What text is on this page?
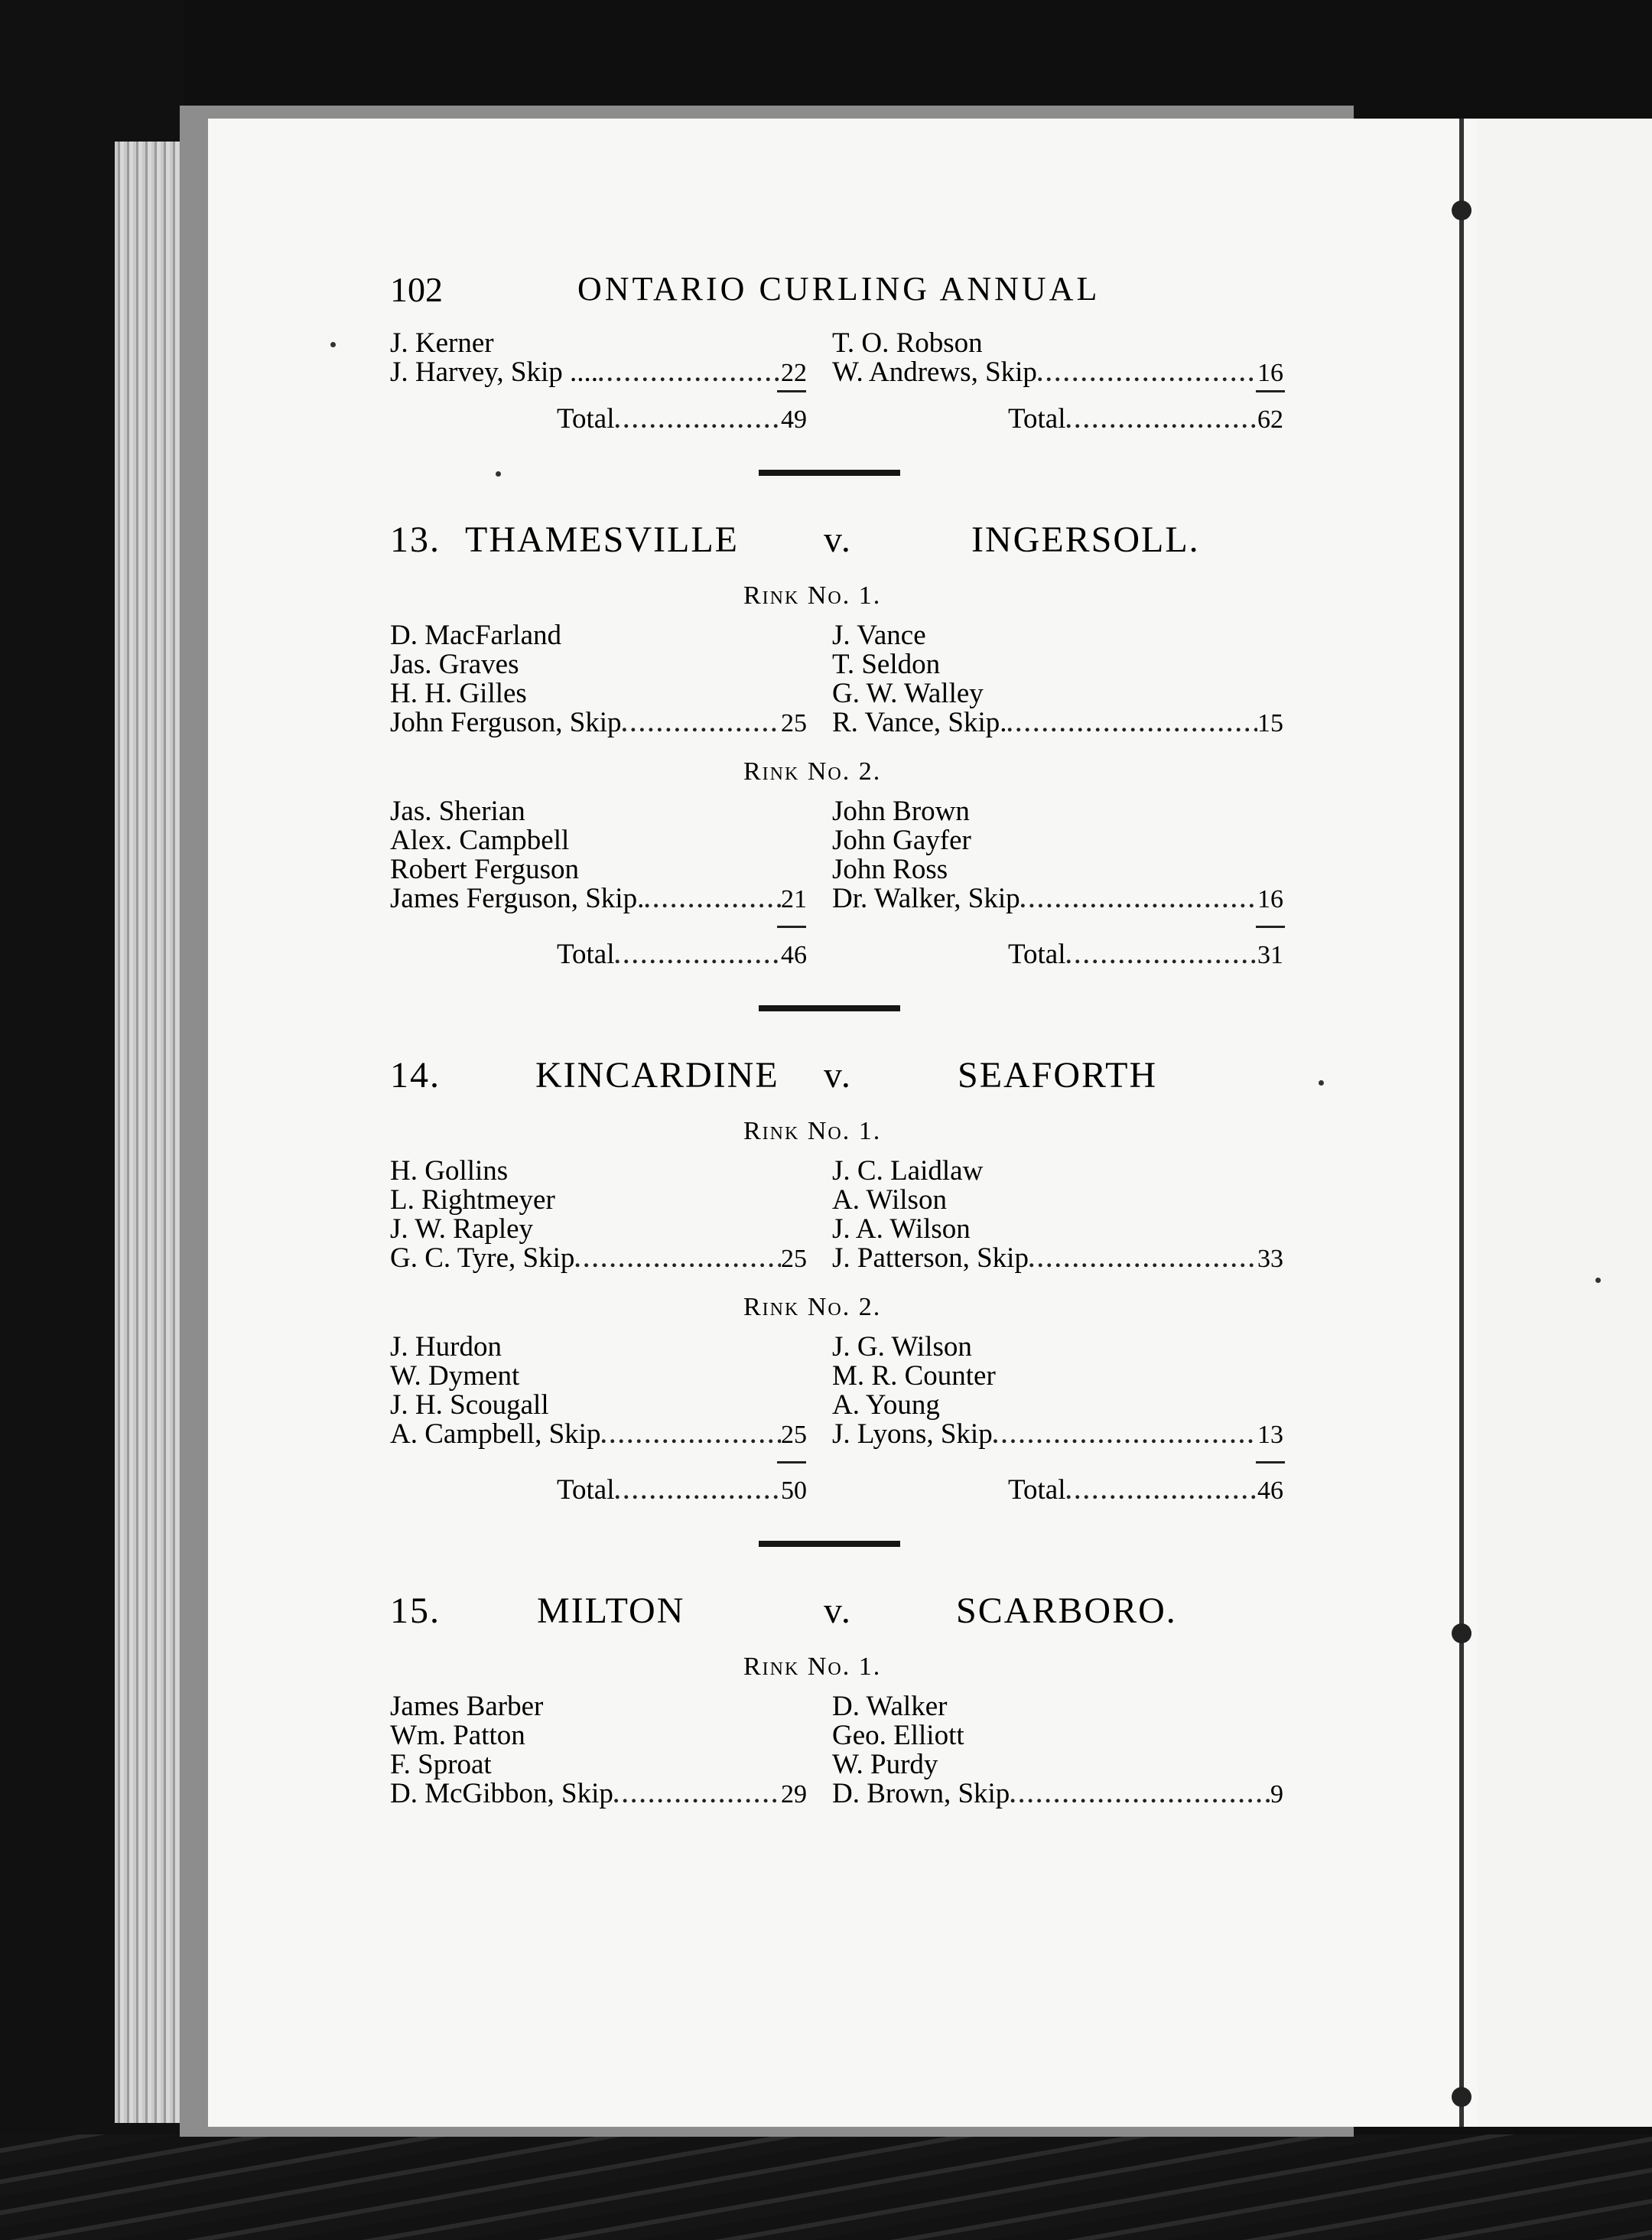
102	ONTARIO CURLING ANNUAL
J. Kerner	T. O. Robson
J. Harvey, Skip .... .....	22 W. Andrews, Skip .....	16
Total .....	49	Total .....	62
13. THAMESVILLE v.	INGERSOLL.
Rink No. 1.
D. MacFarland	J. Vance
Jas. Graves	T. Seldon
H. H. Gilles	G. W. Walley
John Ferguson, Skip .....	25 R. Vance, Skip. .....	15
Rink No. 2.
Jas. Sherian	John Brown
Alex. Campbell	John Gayfer
Robert Ferguson	John Ross
James Ferguson, Skip. .....	21 Dr. Walker, Skip .....	16
Total .....	46	Total .....	31
14.	KINCARDINE v.	SEAFORTH
Rink No. 1.
H. Gollins	J. C. Laidlaw
L. Rightmeyer	A. Wilson
J. W. Rapley	J. A. Wilson
G. C. Tyre, Skip .....	25 J. Patterson, Skip .....	33
Rink No. 2.
J. Hurdon	J. G. Wilson
W. Dyment	M. R. Counter
J. H. Scougall	A. Young
A. Campbell, Skip .....	25 J. Lyons, Skip .....	13
Total .....	50	Total .....	46
15.	MILTON	v.	SCARBORO.
Rink No. 1.
James Barber	D. Walker
Wm. Patton	Geo. Elliott
F. Sproat	W. Purdy
D. McGibbon, Skip .....	29 D. Brown, Skip .....	9
